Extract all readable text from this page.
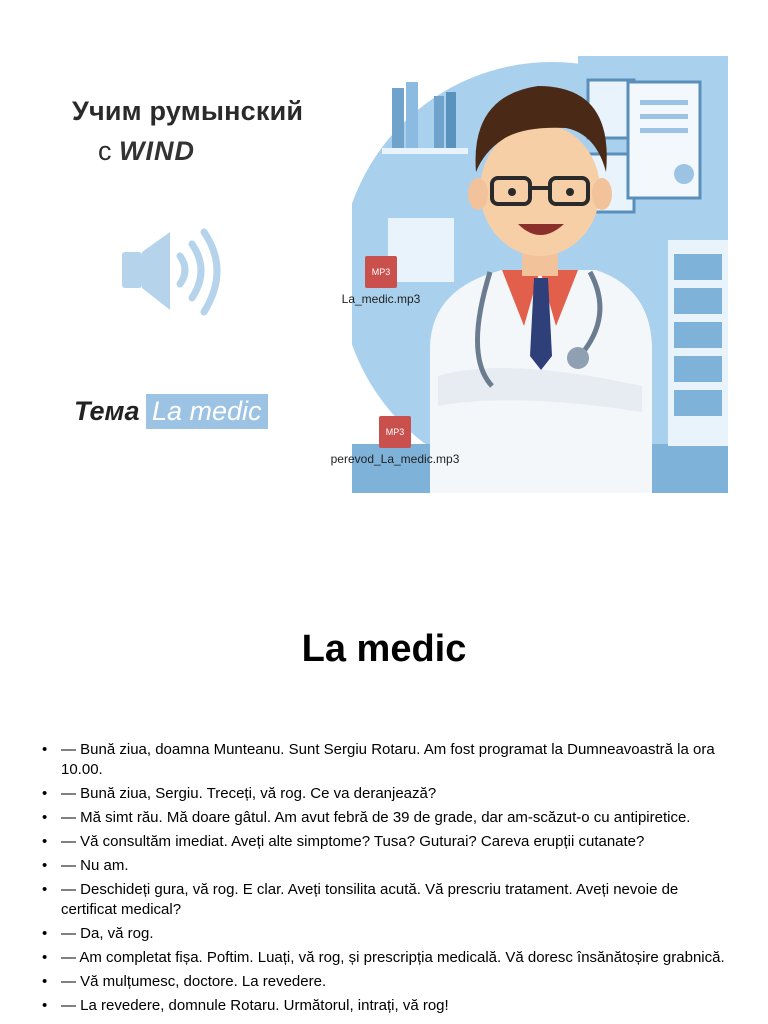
Учим румынский
с WIND
Тема La medic
MP3
La_medic.mp3
MP3
perevod_La_medic.mp3
La medic
• — Bună ziua, doamna Munteanu. Sunt Sergiu Rotaru. Am fost programat la Dumneavoastră la ora 10.00.
• — Bună ziua, Sergiu. Treceți, vă rog. Ce va deranjează?
• — Mă simt rău. Mă doare gâtul. Am avut febră de 39 de grade, dar am-scăzut-o cu antipiretice.
• — Vă consultăm imediat. Aveți alte simptome? Tusa? Guturai? Careva erupții cutanate?
• — Nu am.
• — Deschideți gura, vă rog. E clar. Aveți tonsilita acută. Vă prescriu tratament. Aveți nevoie de certificat medical?
• — Da, vă rog.
• — Am completat fișa. Poftim. Luați, vă rog, și prescripția medicală. Vă doresc însănătoșire grabnică.
• — Vă mulțumesc, doctore. La revedere.
• — La revedere, domnule Rotaru. Următorul, intrați, vă rog!
